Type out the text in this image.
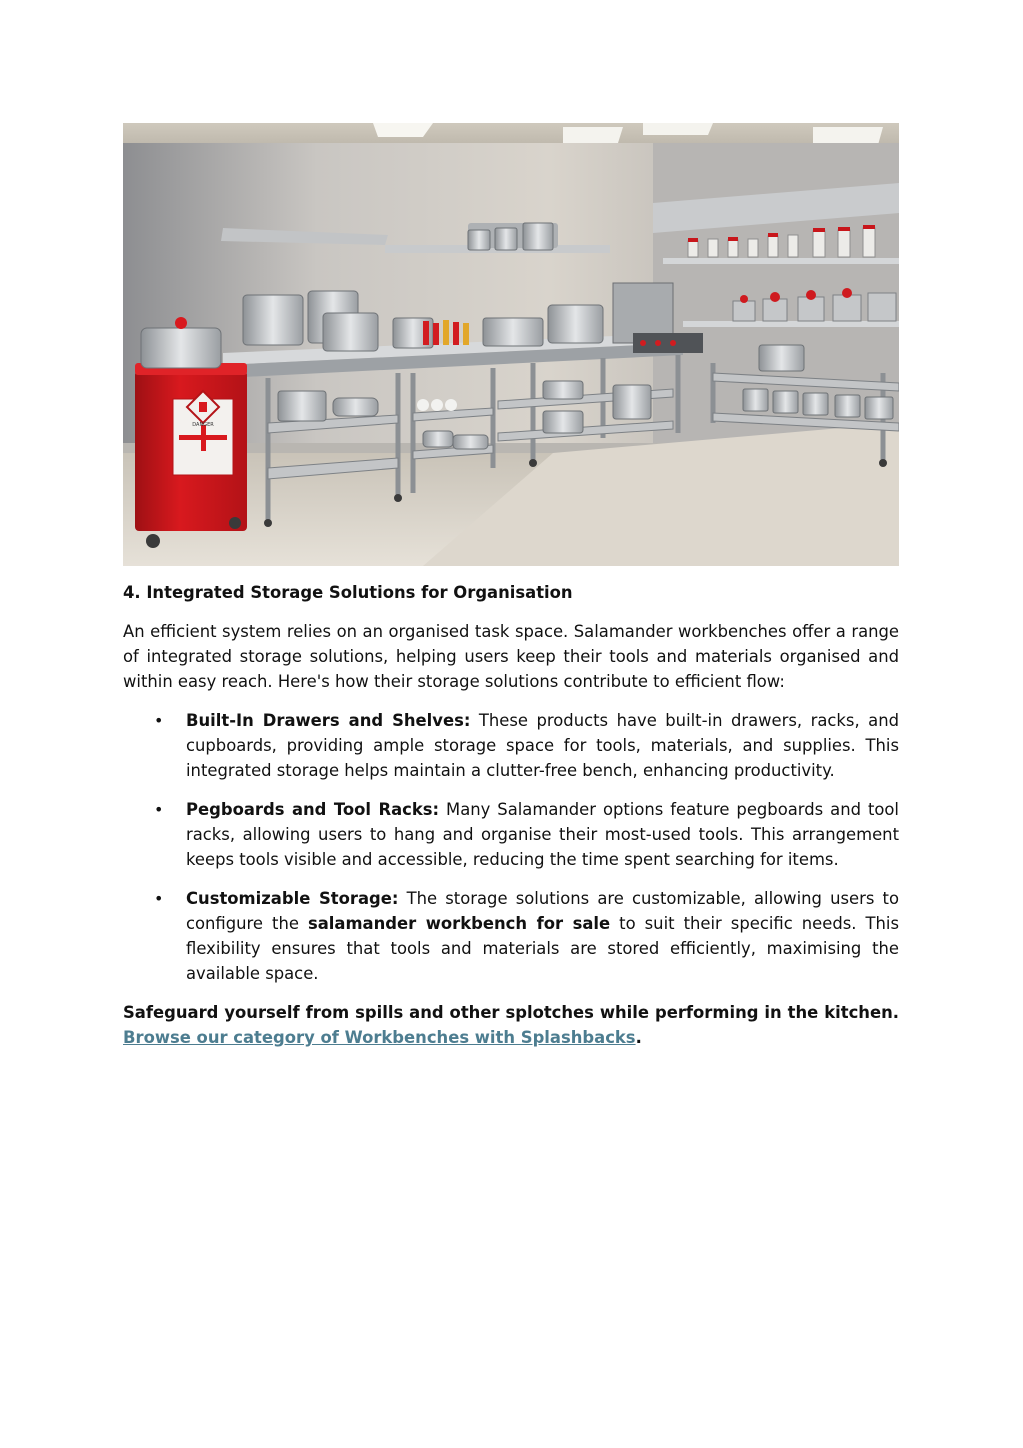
DANGER
4. Integrated Storage Solutions for Organisation

An efficient system relies on an organised task space. Salamander workbenches offer a range of integrated storage solutions, helping users keep their tools and materials organised and within easy reach. Here's how their storage solutions contribute to efficient flow:

• Built-In Drawers and Shelves: These products have built-in drawers, racks, and cupboards, providing ample storage space for tools, materials, and supplies. This integrated storage helps maintain a clutter-free bench, enhancing productivity.
• Pegboards and Tool Racks: Many Salamander options feature pegboards and tool racks, allowing users to hang and organise their most-used tools. This arrangement keeps tools visible and accessible, reducing the time spent searching for items.
• Customizable Storage: The storage solutions are customizable, allowing users to configure the salamander workbench for sale to suit their specific needs. This flexibility ensures that tools and materials are stored efficiently, maximising the available space.

Safeguard yourself from spills and other splotches while performing in the kitchen. Browse our category of Workbenches with Splashbacks.
